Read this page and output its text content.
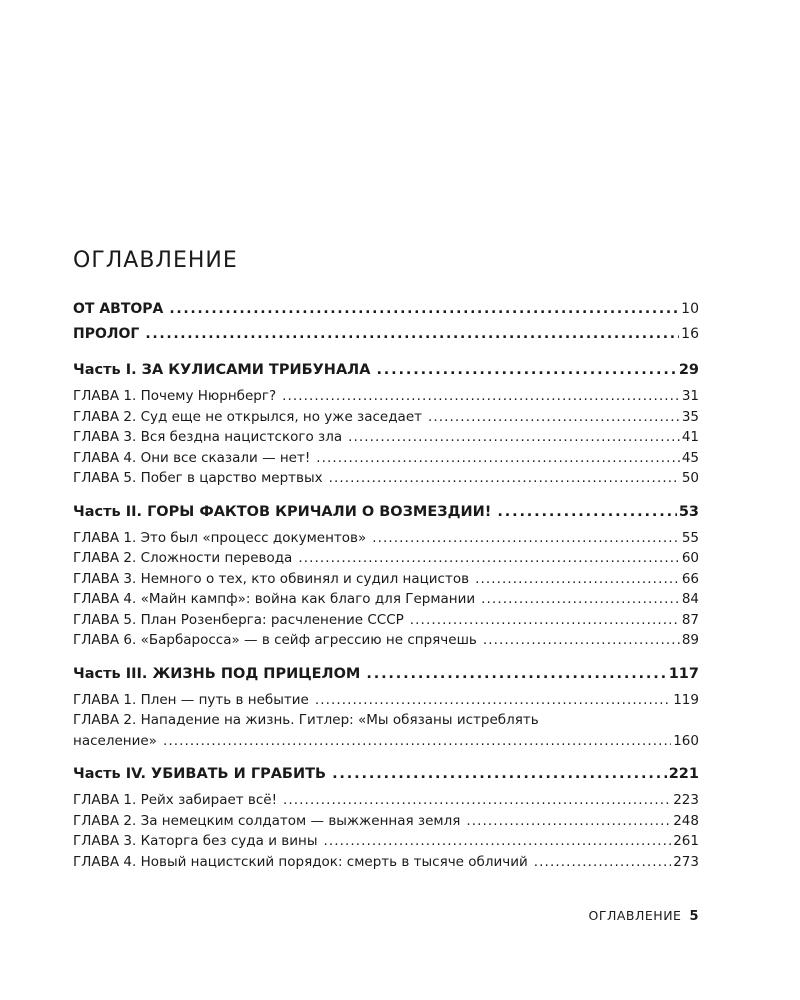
ОГЛАВЛЕНИЕ
ОТ АВТОРА . . .	10
ПРОЛОГ . . .	16
Часть I. ЗА КУЛИСАМИ ТРИБУНАЛА . . .	29
ГЛАВА 1. Почему Нюрнберг? . . .	31
ГЛАВА 2. Суд еще не открылся, но уже заседает . . .	35
ГЛАВА 3. Вся бездна нацистского зла . . .	41
ГЛАВА 4. Они все сказали — нет! . . .	45
ГЛАВА 5. Побег в царство мертвых . . .	50
Часть II. ГОРЫ ФАКТОВ КРИЧАЛИ О ВОЗМЕЗДИИ! . . .	53
ГЛАВА 1. Это был «процесс документов» . . .	55
ГЛАВА 2. Сложности перевода . . .	60
ГЛАВА 3. Немного о тех, кто обвинял и судил нацистов . . .	66
ГЛАВА 4. «Майн кампф»: война как благо для Германии . . .	84
ГЛАВА 5. План Розенберга: расчленение СССР . . .	87
ГЛАВА 6. «Барбаросса» — в сейф агрессию не спрячешь . . .	89
Часть III. ЖИЗНЬ ПОД ПРИЦЕЛОМ . . .	117
ГЛАВА 1. Плен — путь в небытие . . .	119
ГЛАВА 2. Нападение на жизнь. Гитлер: «Мы обязаны истреблять
население» . . .	160
Часть IV. УБИВАТЬ И ГРАБИТЬ . . .	221
ГЛАВА 1. Рейх забирает всё! . . .	223
ГЛАВА 2. За немецким солдатом — выжженная земля . . .	248
ГЛАВА 3. Каторга без суда и вины . . .	261
ГЛАВА 4. Новый нацистский порядок: смерть в тысяче обличий . . .	273
ОГЛАВЛЕНИЕ 5
